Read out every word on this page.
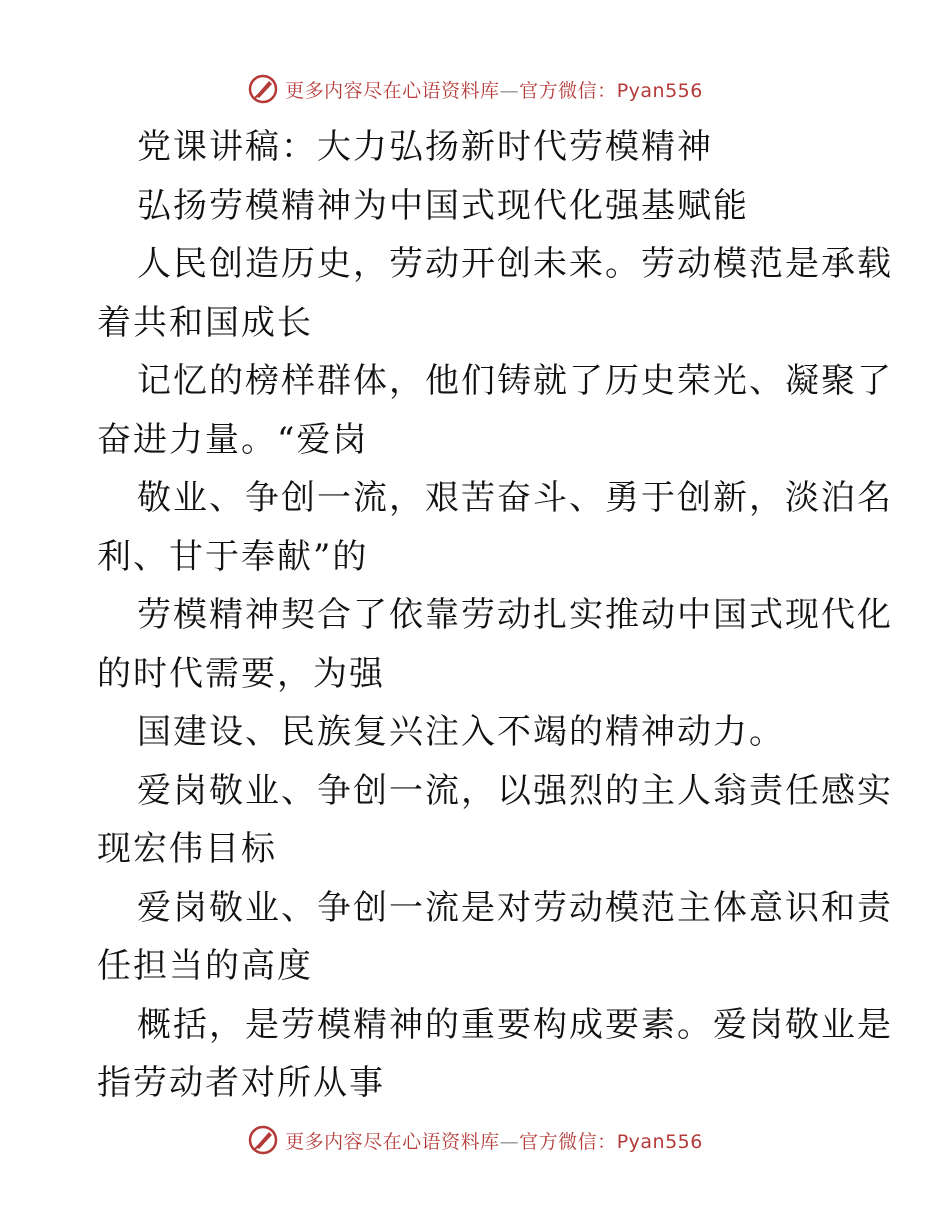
更多内容尽在心语资料库—官方微信：Pyan556
党课讲稿：大力弘扬新时代劳模精神
弘扬劳模精神为中国式现代化强基赋能
人民创造历史，劳动开创未来。劳动模范是承载
着共和国成长
记忆的榜样群体，他们铸就了历史荣光、凝聚了
奋进力量。“爱岗
敬业、争创一流，艰苦奋斗、勇于创新，淡泊名
利、甘于奉献”的
劳模精神契合了依靠劳动扎实推动中国式现代化
的时代需要，为强
国建设、民族复兴注入不竭的精神动力。
爱岗敬业、争创一流，以强烈的主人翁责任感实
现宏伟目标
爱岗敬业、争创一流是对劳动模范主体意识和责
任担当的高度
概括，是劳模精神的重要构成要素。爱岗敬业是
指劳动者对所从事
更多内容尽在心语资料库—官方微信：Pyan556
